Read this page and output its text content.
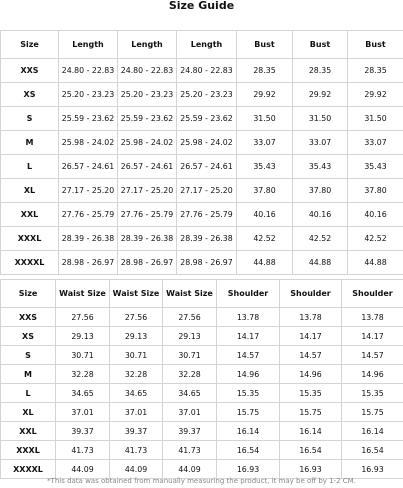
Size Guide
Size	Length	Length	Length	Bust	Bust	Bust
XXS	24.80 - 22.83	24.80 - 22.83	24.80 - 22.83	28.35	28.35	28.35
XS	25.20 - 23.23	25.20 - 23.23	25.20 - 23.23	29.92	29.92	29.92
S	25.59 - 23.62	25.59 - 23.62	25.59 - 23.62	31.50	31.50	31.50
M	25.98 - 24.02	25.98 - 24.02	25.98 - 24.02	33.07	33.07	33.07
L	26.57 - 24.61	26.57 - 24.61	26.57 - 24.61	35.43	35.43	35.43
XL	27.17 - 25.20	27.17 - 25.20	27.17 - 25.20	37.80	37.80	37.80
XXL	27.76 - 25.79	27.76 - 25.79	27.76 - 25.79	40.16	40.16	40.16
XXXL	28.39 - 26.38	28.39 - 26.38	28.39 - 26.38	42.52	42.52	42.52
XXXXL	28.98 - 26.97	28.98 - 26.97	28.98 - 26.97	44.88	44.88	44.88
Size	Waist Size	Waist Size	Waist Size	Shoulder	Shoulder	Shoulder
XXS	27.56	27.56	27.56	13.78	13.78	13.78
XS	29.13	29.13	29.13	14.17	14.17	14.17
S	30.71	30.71	30.71	14.57	14.57	14.57
M	32.28	32.28	32.28	14.96	14.96	14.96
L	34.65	34.65	34.65	15.35	15.35	15.35
XL	37.01	37.01	37.01	15.75	15.75	15.75
XXL	39.37	39.37	39.37	16.14	16.14	16.14
XXXL	41.73	41.73	41.73	16.54	16.54	16.54
XXXXL	44.09	44.09	44.09	16.93	16.93	16.93
*This data was obtained from manually measuring the product, it may be off by 1-2 CM.
